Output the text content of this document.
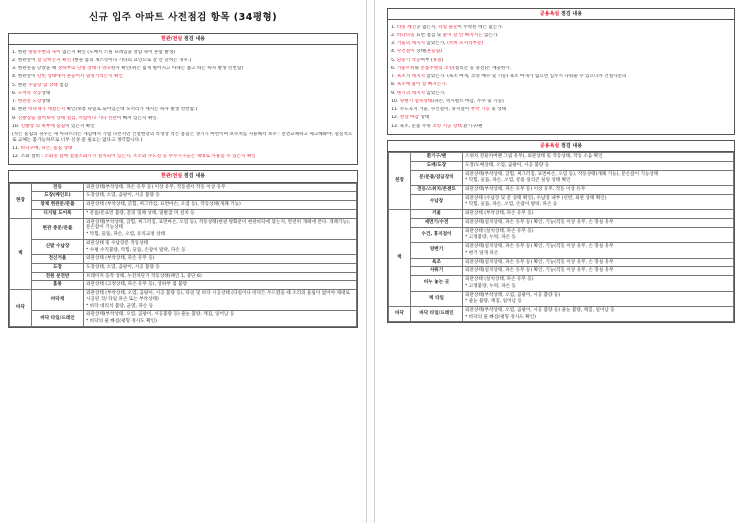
신규 입주 아파트 사전점검 항목 (34평형)
현관/전실 점검 내용
1. 현관 방풍주변의 녹이 없는지 확인 (도배시 스틸 프레임을 결함 녹이 흔함 발생)
2. 현관문이 잘 닫히는지 확인 (현관 틀의 개스킷이나 기타의 요인으로 잘 안 닫히는 경우.)
3. 현관문을 닫았을 때 상하부의 단열 상태가 양호한지 확인(위는 넓게 벌어지고 아래는 좁고 하는 하자 발생 빈번함)
4. 현관문이 단힌 상태에서 흔들어서 덜컹거리는지 확인
5. 현관 수납장 함 상태 점검
6. 도어록 작동상태
7. 현관문 도장상태
8. 현관 바닥재가 깨졌는지 확인(보통 타일로 되어있는데 모서리가 깨지는 하자 발생 빈번함.)
9. 신발장을 열어보아 상태 점검, 서랍이나 기타 선반이 빠져 있는지 확인.
10. 신발장 의 하부에 흠집이 있는지 확인
(작은 흠집의 경우는 새 아파트라는 개념에서 가볍 나본지만 건설현장의 특성상 작은 흠집은 생기기 마련이며 보수처를 사용해서 보수 : 전면교체하고 체크해봐야, 실질적으로 교체는 불가능하므로 너무 신경 쓸 필요는 없다고 생각합니다.)
11. 바닥구배, 파손, 흠집 상태
12. 소화 설비 : 소화전 함에 점멸소화기가 설치되어 있는지, 조소와 수도전 등 무수기구들은 제대로 사용할 수 있는지 확인
현관/전실 점검 내용
현장	전등	외관상태(부착상태, 파손 유무 등) 이상 유무, 작동센서 작동 이상 유무
	도장(페인트)	도장상태, 오염, 곰팡이, 시공 불량 등
	창체 현관문/문틀	외관상태 (부착상태, 긁힘, 찌그러짐, 표면마손, 오염 등), 작동상태(개폐 기능)
	디지털 도어록	* 문틀/문표면 불량, 문의 밀폐 상태, 말발굽 미 설치 등
벽	현관 중문/문틀	외관상태(부착상태, 긁힘, 찌그러짐, 표면마손, 오염 등), 작동상태(현관 방화문이 현관바닥에 닿는지, 완전히 개폐에 본다. 개폐기능), 문손잡이 기능상태
* 탁힘, 들뜸, 파손, 오염, 유리교정 상태

	신발 수납장	외관상태 및 수납장문 작동상태
* 수평 수직불량, 탁힘, 들뜸, 손잡이 탈락, 파손 등

	전신거울	외관상태 (부착상태, 파손 유무 등)
	도장	도장상태, 오염, 곰팡이, 시공 불량 등
	전원 분전반	브레이커 동작 상태, 누전차단기 작동상태(패인 1, 중단 6)
	홈통	외관상태 (고정상태, 파손 유무 등), 상하부 접 불량
바닥	바닥재	외관상태 (부착상태, 오염, 곰팡이, 시공 불량 등), 타일 및 바닥 시공상태 (타일이나 바닥은 두드렸을 때 소리의 울림이 없어야 제대로 시공된 것/ 타일 파손 또는 부착상태)
* 바닥 대리석 불량, 균열, 파손 등

	바닥 타일/드레인	외관상태(부착상태, 오염, 곰팡이, 시공불량 등) 줄눈 불량, 깨짐, 일어남 등
* 바닥의 물 빠짐(평형 경사도 확인)
공용욕실 점검 내용
1. 타일 깨진곳 없는지, 타일 줄눈이 누락된 데는 없는가.
2. 바닥타일 표면 점검 및 물이 잘 안 빠지지는 않는가.
3. 거울의 깨지지 않았는가, (특히 모서리부분)
4. 수건걸이 상태(흔들림)
5. 환풍기 작동여부 (휴실)
6. 거울주위와 문틀주변의 코킹(실리콘 등 충전)은 깨끗한가.
7. 욕조가 깨지지 않았는가. (욕조 마개, 코킹 배수 및 기능) 욕조 마개가 없으면 입주시 나눠줄 수 있으니까 건설사문의
8. 욕조에 물이 잘 빠지는가.
9. 변기의 깨지지 않았는가.
10. 양변기 설치상태(파손, 벽시멘트 마감, 누수 및 기능)
11. 수도꼭지 거울, 수건걸이, 휴지걸이 부착 기능 및 상태
12. 천장 마감 상태
13. 욕조, 문틀 주위 코킹 시공 상태 환기구/팬
공용욕실 점검 내용
천장	환기구/팬	스위치 전용커버팬 그림 유무), 외관상태 및 작동상태, 작동 소음 확인
	도배/도장	도장/도배상태, 오염, 곰팡이, 시공 불량 등
	문/문틀/잠금장치	외관상태(부착상태, 긁힘, 찌그러짐, 표면마손, 오염 등), 작동상태(개폐 기능), 문손잡이 기능상태
* 탁힘, 들뜸, 파손, 오염, 문틀 실리콘 실링 상태 확인

	전등/스위치/콘센트	외관상태(부착상태, 파손 유무 등) 이상 유무, 작동 이상 유무
	수납장	외관상태 (수납장 및 문 상태 확인), 수납장 내부 (선반, 외관 상태 확인)
* 탁힘, 들뜸, 파손, 오염, 손잡이 탈락, 파손 등

벽	거울	외관상태 (부착상태, 파손 유무 등)
	세면기/수전	외관상태(설치상태, 파손 유무 등) 확인, 기능(작동 이상 유무, 손 망실 유무
	수건, 휴지걸이	외관상태 (설치상태, 파손 유무 등)
* 고정불량, 누락, 파손 등

	양변기	외관상태(설치상태, 파손 유무 등) 확인, 기능(작동 이상 유무, 손 망실 유무
* 변기 덮개 파손

	욕조	외관상태(설치상태, 파손 유무 등) 확인, 기능(작동 이상 유무, 손 망실 유무
	샤워기	외관상태(설치상태, 파손 유무 등) 확인, 기능(작동 이상 유무, 손 망실 유무
	비누 놓는 곳	외관상태 (설치상태, 파손 유무 등)
* 고정불량, 누락, 파손 등

	벽 타일	외관상태(부착상태, 오염, 곰팡이, 시공 불량 등)
* 줄눈 불량, 깨짐, 일어남 등

바닥	바닥 타일/드레인	외관상태(부착상태, 오염, 곰팡이, 시공 불량 등) 줄눈 불량, 깨짐, 일어남 등
* 바닥의 물 빠짐(평형 경사도 확인)
